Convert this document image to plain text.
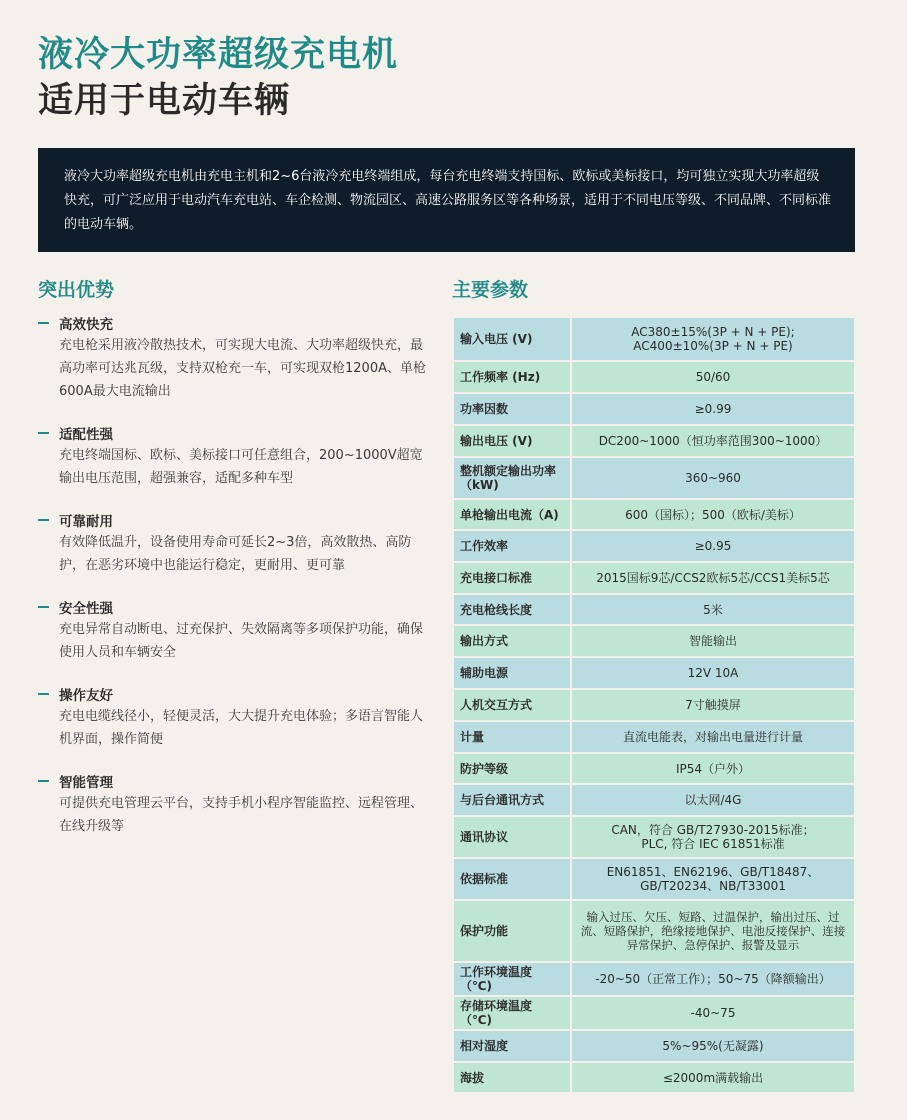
液冷大功率超级充电机
适用于电动车辆
液冷大功率超级充电机由充电主机和2~6台液冷充电终端组成，每台充电终端支持国标、欧标或美标接口，均可独立实现大功率超级快充，可广泛应用于电动汽车充电站、车企检测、物流园区、高速公路服务区等各种场景，适用于不同电压等级、不同品牌、不同标准的电动车辆。
突出优势	主要参数
高效快充
充电枪采用液冷散热技术，可实现大电流、大功率超级快充，最高功率可达兆瓦级，支持双枪充一车，可实现双枪1200A、单枪600A最大电流输出
适配性强
充电终端国标、欧标、美标接口可任意组合，200~1000V超宽输出电压范围，超强兼容，适配多种车型
可靠耐用
有效降低温升，设备使用寿命可延长2~3倍，高效散热、高防护，在恶劣环境中也能运行稳定，更耐用、更可靠
安全性强
充电异常自动断电、过充保护、失效隔离等多项保护功能，确保使用人员和车辆安全
操作友好
充电电缆线径小，轻便灵活，大大提升充电体验；多语言智能人机界面，操作简便
智能管理
可提供充电管理云平台，支持手机小程序智能监控、远程管理、在线升级等
输入电压 (V)	AC380±15%(3P + N + PE);
AC400±10%(3P + N + PE)
工作频率 (Hz)	50/60
功率因数	≥0.99
输出电压 (V)	DC200~1000（恒功率范围300~1000）
整机额定输出功率（kW)	360~960
单枪输出电流（A)	600（国标）；500（欧标/美标）
工作效率	≥0.95
充电接口标准	2015国标9芯/CCS2欧标5芯/CCS1美标5芯
充电枪线长度	5米
输出方式	智能输出
辅助电源	12V 10A
人机交互方式	7寸触摸屏
计量	直流电能表，对输出电量进行计量
防护等级	IP54（户外）
与后台通讯方式	以太网/4G
通讯协议	CAN，符合 GB/T27930-2015标准；
PLC, 符合 IEC 61851标准
依据标准	EN61851、EN62196、GB/T18487、
GB/T20234、NB/T33001
保护功能	输入过压、欠压、短路、过温保护，输出过压、过流、短路保护，绝缘接地保护、电池反接保护、连接异常保护、急停保护、报警及显示
工作环境温度（℃)	-20~50（正常工作）；50~75（降额输出）
存储环境温度（℃)	-40~75
相对湿度	5%~95%(无凝露)
海拔	≤2000m满载输出
